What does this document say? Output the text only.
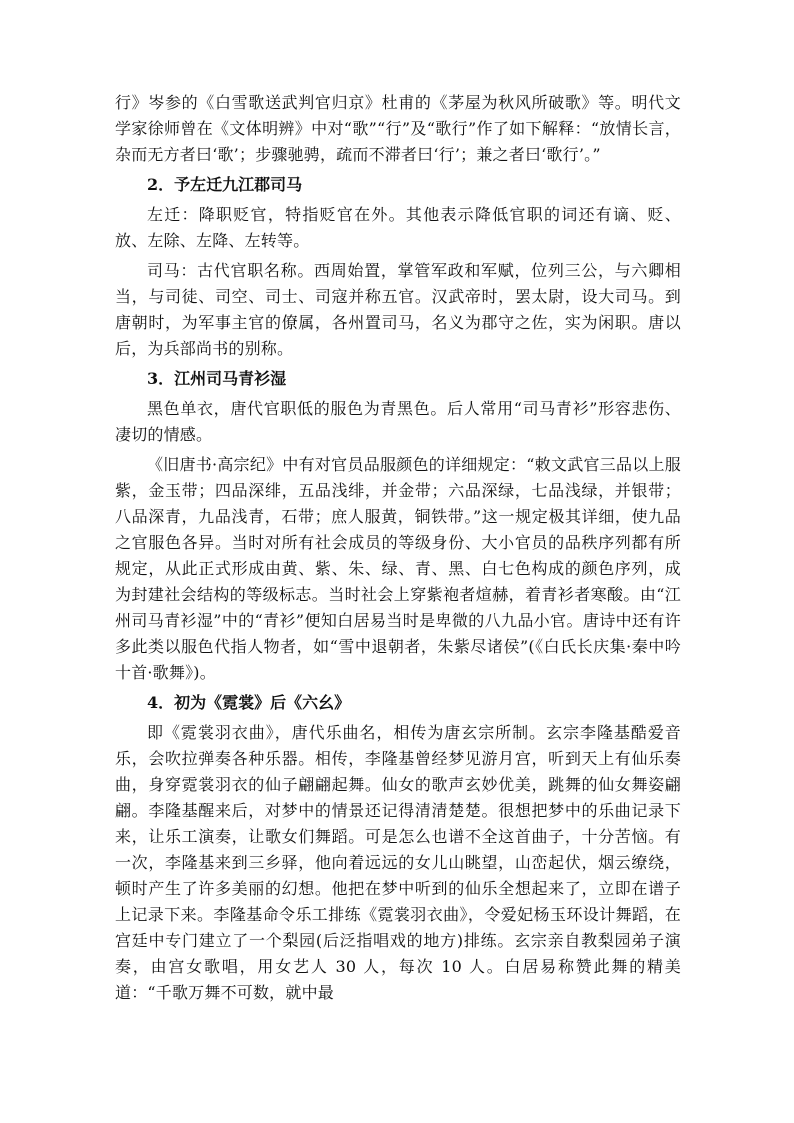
行》岑参的《白雪歌送武判官归京》杜甫的《茅屋为秋风所破歌》等。明代文学家徐师曾在《文体明辨》中对“歌”“行”及“歌行”作了如下解释：“放情长言，杂而无方者曰‘歌’；步骤驰骋，疏而不滞者曰‘行’；兼之者曰‘歌行’。”

2．予左迁九江郡司马

左迁：降职贬官，特指贬官在外。其他表示降低官职的词还有谪、贬、放、左除、左降、左转等。

司马：古代官职名称。西周始置，掌管军政和军赋，位列三公，与六卿相当，与司徒、司空、司士、司寇并称五官。汉武帝时，罢太尉，设大司马。到唐朝时，为军事主官的僚属，各州置司马，名义为郡守之佐，实为闲职。唐以后，为兵部尚书的别称。

3．江州司马青衫湿

黑色单衣，唐代官职低的服色为青黑色。后人常用“司马青衫”形容悲伤、凄切的情感。

《旧唐书·高宗纪》中有对官员品服颜色的详细规定：“敕文武官三品以上服紫，金玉带；四品深绯，五品浅绯，并金带；六品深绿，七品浅绿，并银带；八品深青，九品浅青，石带；庶人服黄，铜铁带。”这一规定极其详细，使九品之官服色各异。当时对所有社会成员的等级身份、大小官员的品秩序列都有所规定，从此正式形成由黄、紫、朱、绿、青、黑、白七色构成的颜色序列，成为封建社会结构的等级标志。当时社会上穿紫袍者煊赫，着青衫者寒酸。由“江州司马青衫湿”中的“青衫”便知白居易当时是卑微的八九品小官。唐诗中还有许多此类以服色代指人物者，如“雪中退朝者，朱紫尽诸侯”(《白氏长庆集·秦中吟十首·歌舞》)。

4．初为《霓裳》后《六幺》

即《霓裳羽衣曲》，唐代乐曲名，相传为唐玄宗所制。玄宗李隆基酷爱音乐，会吹拉弹奏各种乐器。相传，李隆基曾经梦见游月宫，听到天上有仙乐奏曲，身穿霓裳羽衣的仙子翩翩起舞。仙女的歌声玄妙优美，跳舞的仙女舞姿翩翩。李隆基醒来后，对梦中的情景还记得清清楚楚。很想把梦中的乐曲记录下来，让乐工演奏，让歌女们舞蹈。可是怎么也谱不全这首曲子，十分苦恼。有一次，李隆基来到三乡驿，他向着远远的女儿山眺望，山峦起伏，烟云缭绕，顿时产生了许多美丽的幻想。他把在梦中听到的仙乐全想起来了，立即在谱子上记录下来。李隆基命令乐工排练《霓裳羽衣曲》，令爱妃杨玉环设计舞蹈，在宫廷中专门建立了一个梨园(后泛指唱戏的地方)排练。玄宗亲自教梨园弟子演奏，由宫女歌唱，用女艺人 30 人，每次 10 人。白居易称赞此舞的精美道：“千歌万舞不可数，就中最
